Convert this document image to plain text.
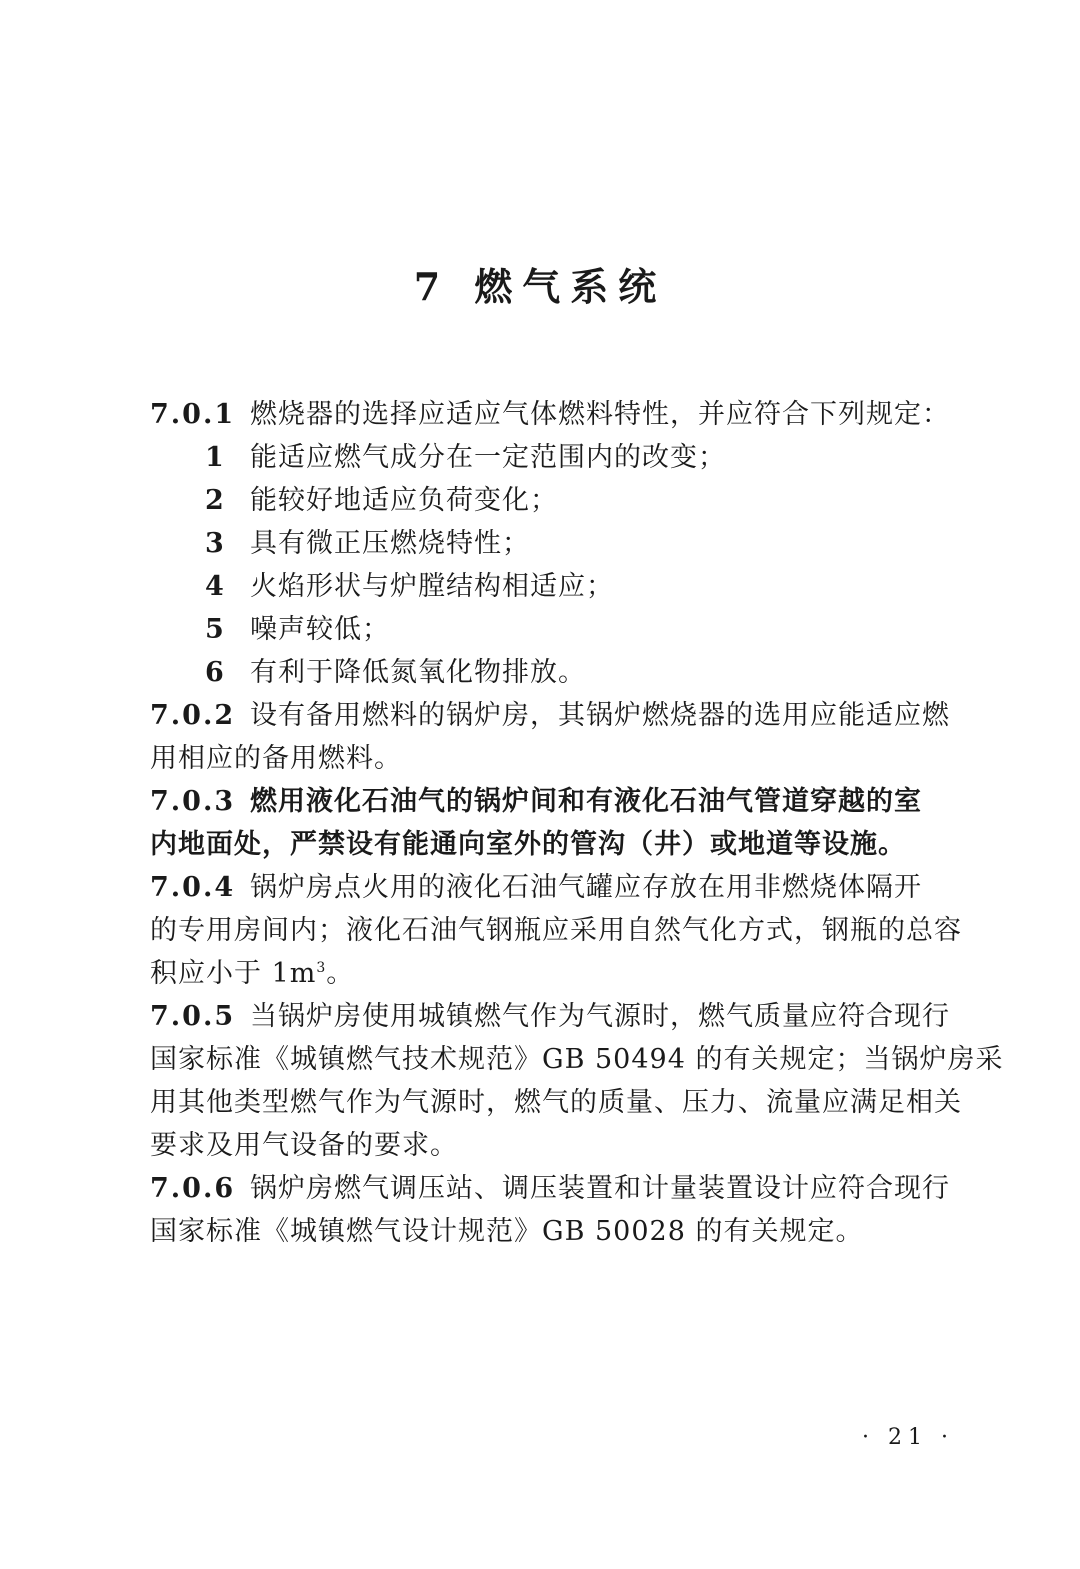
7 燃气系统
7.0.1 燃烧器的选择应适应气体燃料特性，并应符合下列规定：
1 能适应燃气成分在一定范围内的改变；
2 能较好地适应负荷变化；
3 具有微正压燃烧特性；
4 火焰形状与炉膛结构相适应；
5 噪声较低；
6 有利于降低氮氧化物排放。
7.0.2 设有备用燃料的锅炉房，其锅炉燃烧器的选用应能适应燃
用相应的备用燃料。
7.0.3 燃用液化石油气的锅炉间和有液化石油气管道穿越的室
内地面处，严禁设有能通向室外的管沟（井）或地道等设施。
7.0.4 锅炉房点火用的液化石油气罐应存放在用非燃烧体隔开
的专用房间内；液化石油气钢瓶应采用自然气化方式，钢瓶的总容
积应小于 $1m^3$。
7.0.5 当锅炉房使用城镇燃气作为气源时，燃气质量应符合现行
国家标准《城镇燃气技术规范》GB 50494 的有关规定；当锅炉房采
用其他类型燃气作为气源时，燃气的质量、压力、流量应满足相关
要求及用气设备的要求。
7.0.6 锅炉房燃气调压站、调压装置和计量装置设计应符合现行
国家标准《城镇燃气设计规范》GB 50028 的有关规定。
· 21 ·
